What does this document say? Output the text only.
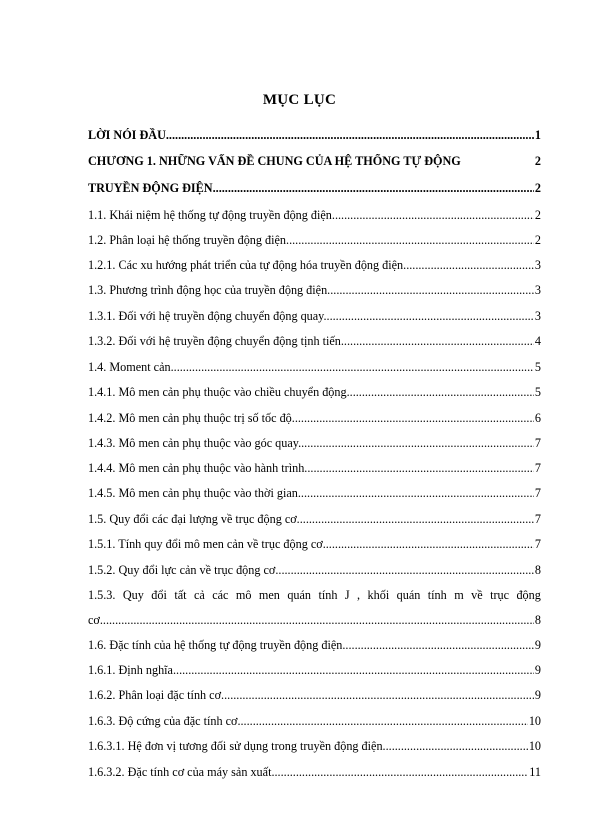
MỤC LỤC
LỜI NÓI ĐẦU .....	1
CHƯƠNG 1. NHỮNG VẤN ĐỀ CHUNG CỦA HỆ THỐNG TỰ ĐỘNG	2
TRUYỀN ĐỘNG ĐIỆN .....	2
1.1. Khái niệm hệ thống tự động truyền động điện. .....	2
1.2. Phân loại hệ thống truyền động điện .....	2
1.2.1. Các xu hướng phát triển của tự động hóa truyền động điện .....	3
1.3. Phương trình động học của truyền động điện. .....	3
1.3.1. Đối với hệ truyền động chuyển động quay. .....	3
1.3.2. Đối với hệ truyền động chuyển động tịnh tiến .....	4
1.4. Moment cản .....	5
1.4.1. Mô men cản phụ thuộc vào chiều chuyển động .....	5
1.4.2. Mô men cản phụ thuộc trị số tốc độ .....	6
1.4.3. Mô men cản phụ thuộc vào góc quay. .....	7
1.4.4. Mô men cản phụ thuộc vào hành trình .....	7
1.4.5. Mô men cản phụ thuộc vào thời gian. .....	7
1.5. Quy đổi các đại lượng về trục động cơ. .....	7
1.5.1. Tính quy đổi mô men cản về trục động cơ. .....	7
1.5.2. Quy đổi lực cản về trục động cơ. .....	8
1.5.3. Quy đổi tất cả các mô men quán tính J , khối quán tính m về trục động
cơ. .....	8
1.6. Đặc tính của hệ thống tự động truyền động điện. .....	9
1.6.1. Định nghĩa. .....	9
1.6.2. Phân loại đặc tính cơ. .....	9
1.6.3. Độ cứng của đặc tính cơ. .....	10
1.6.3.1. Hệ đơn vị tương đối sử dụng trong truyền động điện. .....	10
1.6.3.2. Đặc tính cơ của máy sản xuất. .....	11
